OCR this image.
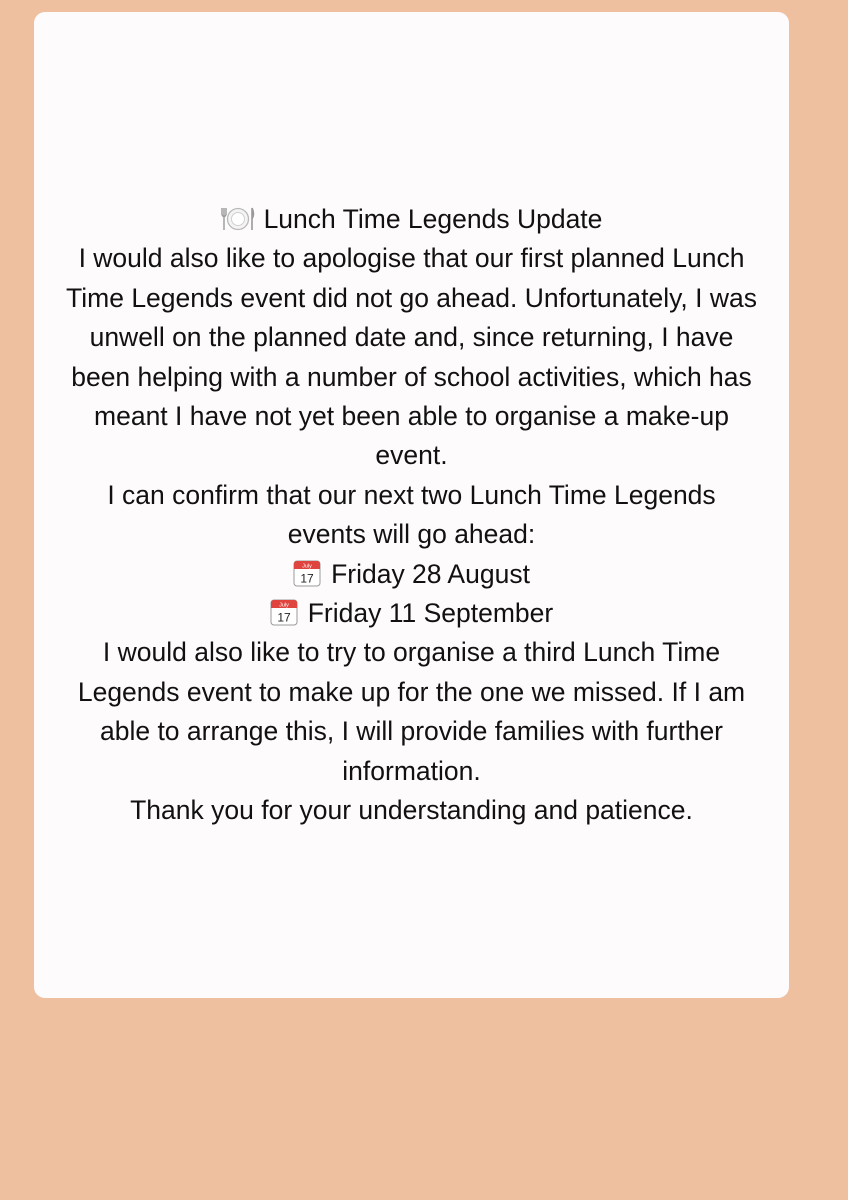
Lunch Time Legends Update
I would also like to apologise that our first planned Lunch
Time Legends event did not go ahead. Unfortunately, I was
unwell on the planned date and, since returning, I have
been helping with a number of school activities, which has
meant I have not yet been able to organise a make-up
event.
I can confirm that our next two Lunch Time Legends
events will go ahead:
July
17 Friday 28 August
July
17 Friday 11 September
I would also like to try to organise a third Lunch Time
Legends event to make up for the one we missed. If I am
able to arrange this, I will provide families with further
information.
Thank you for your understanding and patience.
